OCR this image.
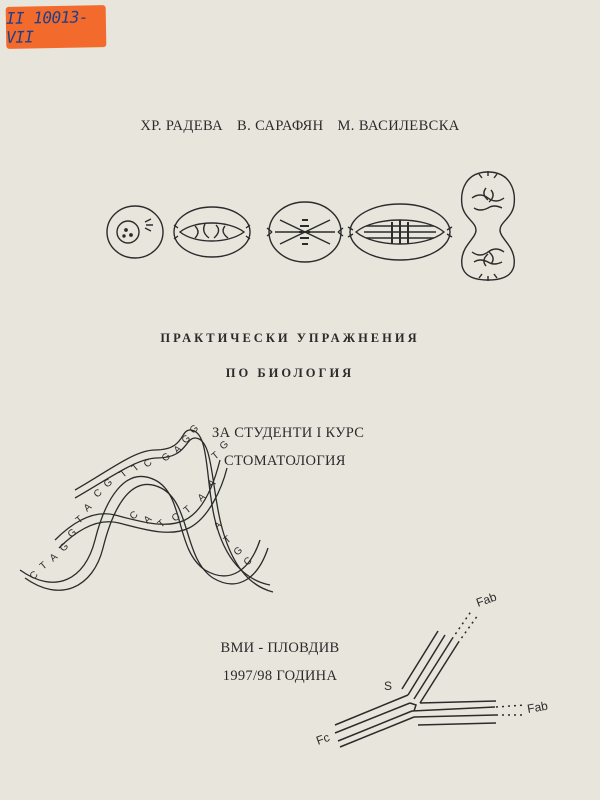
II 10013-VII
ХР. РАДЕВА В. САРАФЯН М. ВАСИЛЕВСКА
ПРАКТИЧЕСКИ УПРАЖНЕНИЯ
ПО БИОЛОГИЯ
ЗА СТУДЕНТИ I КУРС
СТОМАТОЛОГИЯ
C
T
A
G
G
T
A
C
G
T T C G
A
G
G
C A T C
T
A
A
A
T
G
C
T
G
ВМИ - ПЛОВДИВ
1997/98 ГОДИНА
Fab
Fab
Fc
S
